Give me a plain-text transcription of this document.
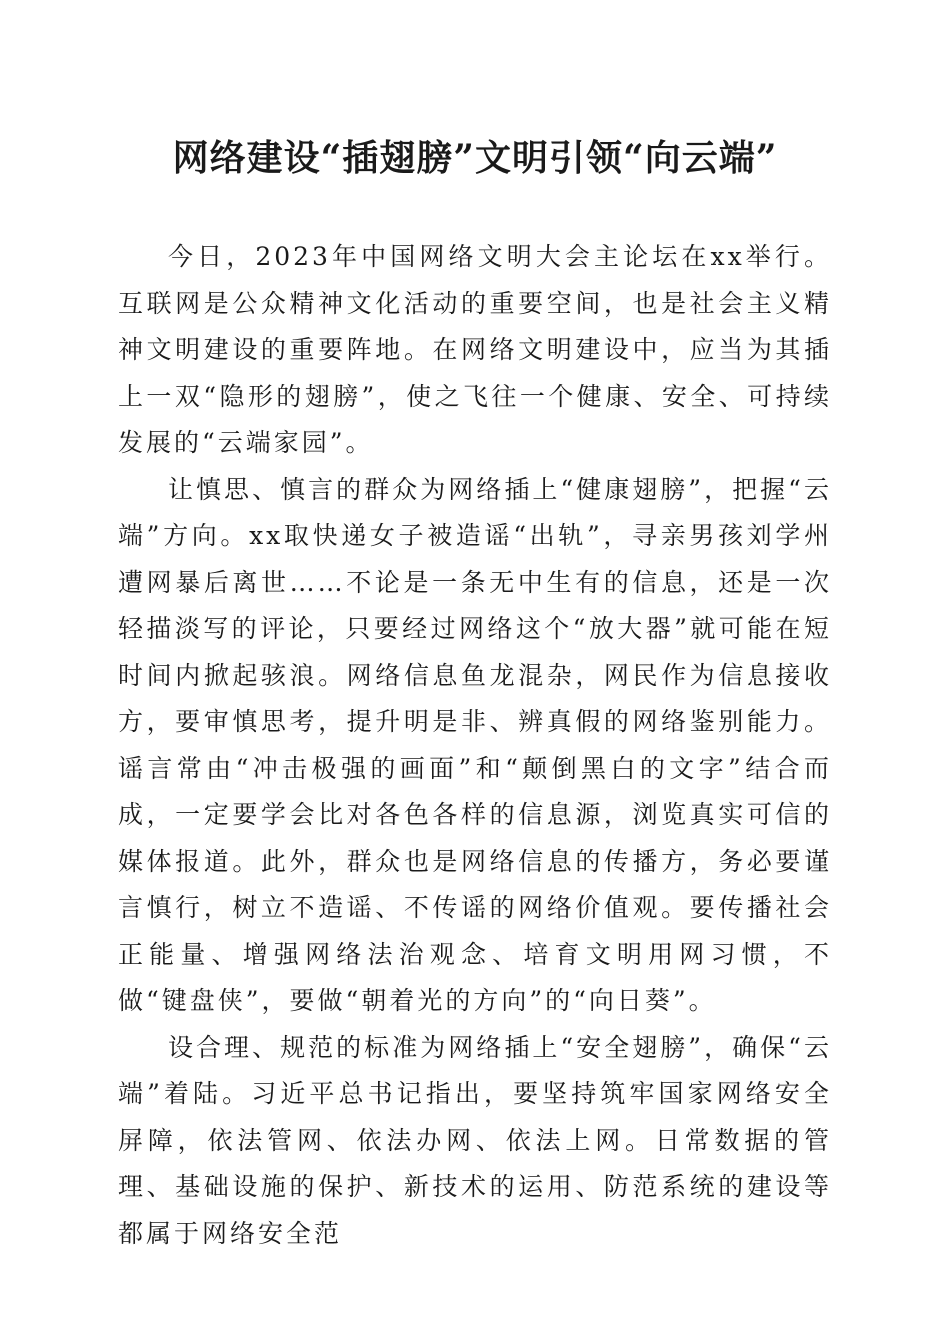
网络建设“插翅膀”文明引领“向云端”

今日，2023年中国网络文明大会主论坛在xx举行。互联网是公众精神文化活动的重要空间，也是社会主义精神文明建设的重要阵地。在网络文明建设中，应当为其插上一双“隐形的翅膀”，使之飞往一个健康、安全、可持续发展的“云端家园”。

让慎思、慎言的群众为网络插上“健康翅膀”，把握“云端”方向。xx取快递女子被造谣“出轨”，寻亲男孩刘学州遭网暴后离世……不论是一条无中生有的信息，还是一次轻描淡写的评论，只要经过网络这个“放大器”就可能在短时间内掀起骇浪。网络信息鱼龙混杂，网民作为信息接收方，要审慎思考，提升明是非、辨真假的网络鉴别能力。谣言常由“冲击极强的画面”和“颠倒黑白的文字”结合而成，一定要学会比对各色各样的信息源，浏览真实可信的媒体报道。此外，群众也是网络信息的传播方，务必要谨言慎行，树立不造谣、不传谣的网络价值观。要传播社会正能量、增强网络法治观念、培育文明用网习惯，不做“键盘侠”，要做“朝着光的方向”的“向日葵”。

设合理、规范的标准为网络插上“安全翅膀”，确保“云端”着陆。习近平总书记指出，要坚持筑牢国家网络安全屏障，依法管网、依法办网、依法上网。日常数据的管理、基础设施的保护、新技术的运用、防范系统的建设等都属于网络安全范
